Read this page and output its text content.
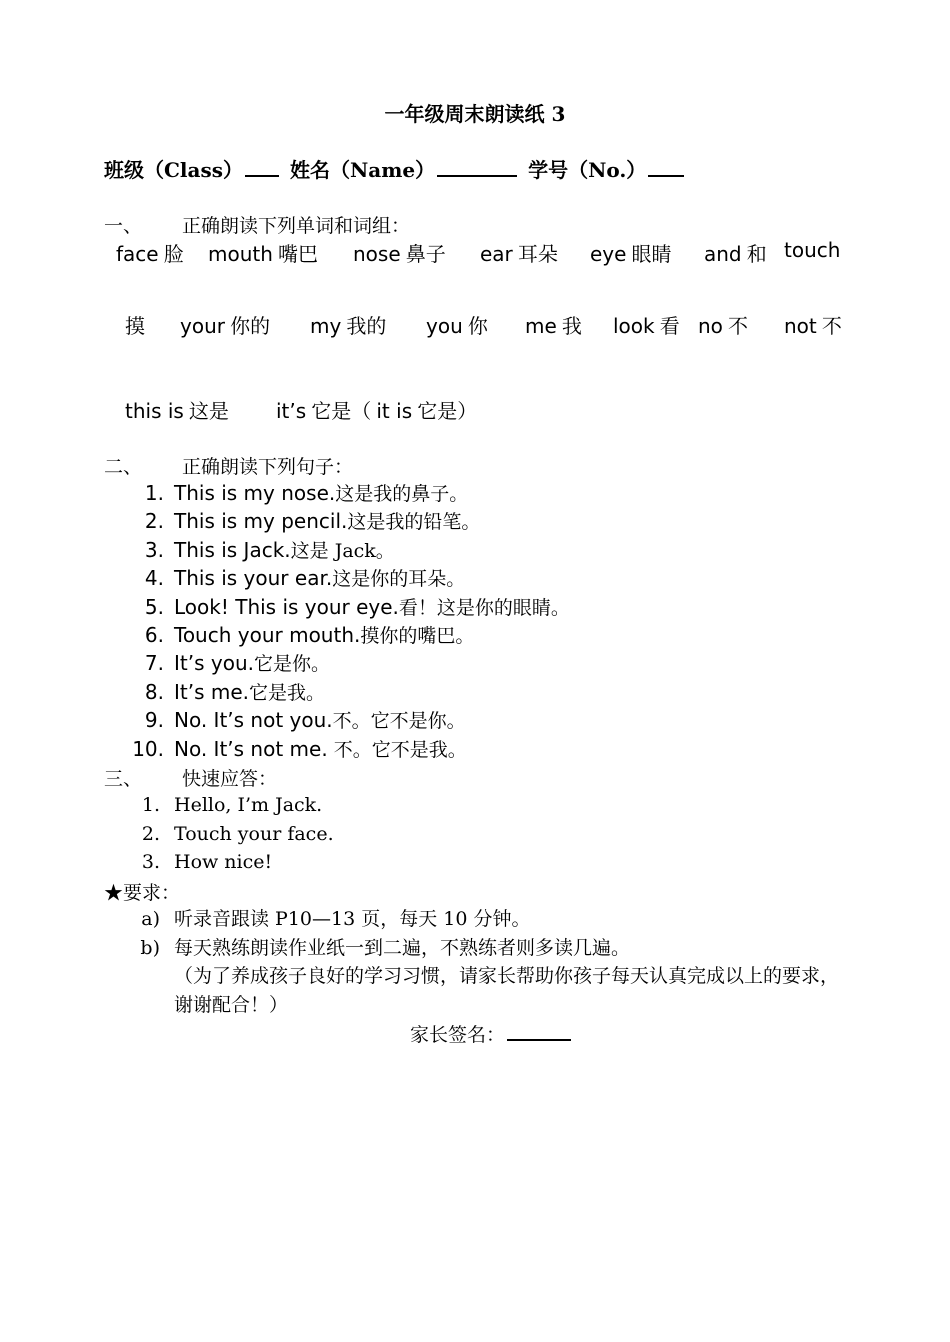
一年级周末朗读纸 3
班级（Class） 姓名（Name）	学号（No.）
一、 正确朗读下列单词和词组：
face 脸 mouth 嘴巴 nose 鼻子 ear 耳朵 eye 眼睛 and 和 touch
摸 your 你的 my 我的 you 你 me 我 look 看 no 不 not 不
this is 这是 it’s 它是（ it is 它是）
二、 正确朗读下列句子：
1. This is my nose.这是我的鼻子。
2. This is my pencil.这是我的铅笔。
3. This is Jack.这是 Jack。
4. This is your ear.这是你的耳朵。
5. Look! This is your eye.看！这是你的眼睛。
6. Touch your mouth.摸你的嘴巴。
7. It’s you.它是你。
8. It’s me.它是我。
9. No. It’s not you.不。它不是你。
10. No. It’s not me. 不。它不是我。
三、 快速应答：
1. Hello, I’m Jack.
2. Touch your face.
3. How nice!
★要求：
a) 听录音跟读 P10—13 页，每天 10 分钟。
b) 每天熟练朗读作业纸一到二遍，不熟练者则多读几遍。
（为了养成孩子良好的学习习惯，请家长帮助你孩子每天认真完成以上的要求，谢谢配合！）
家长签名：
